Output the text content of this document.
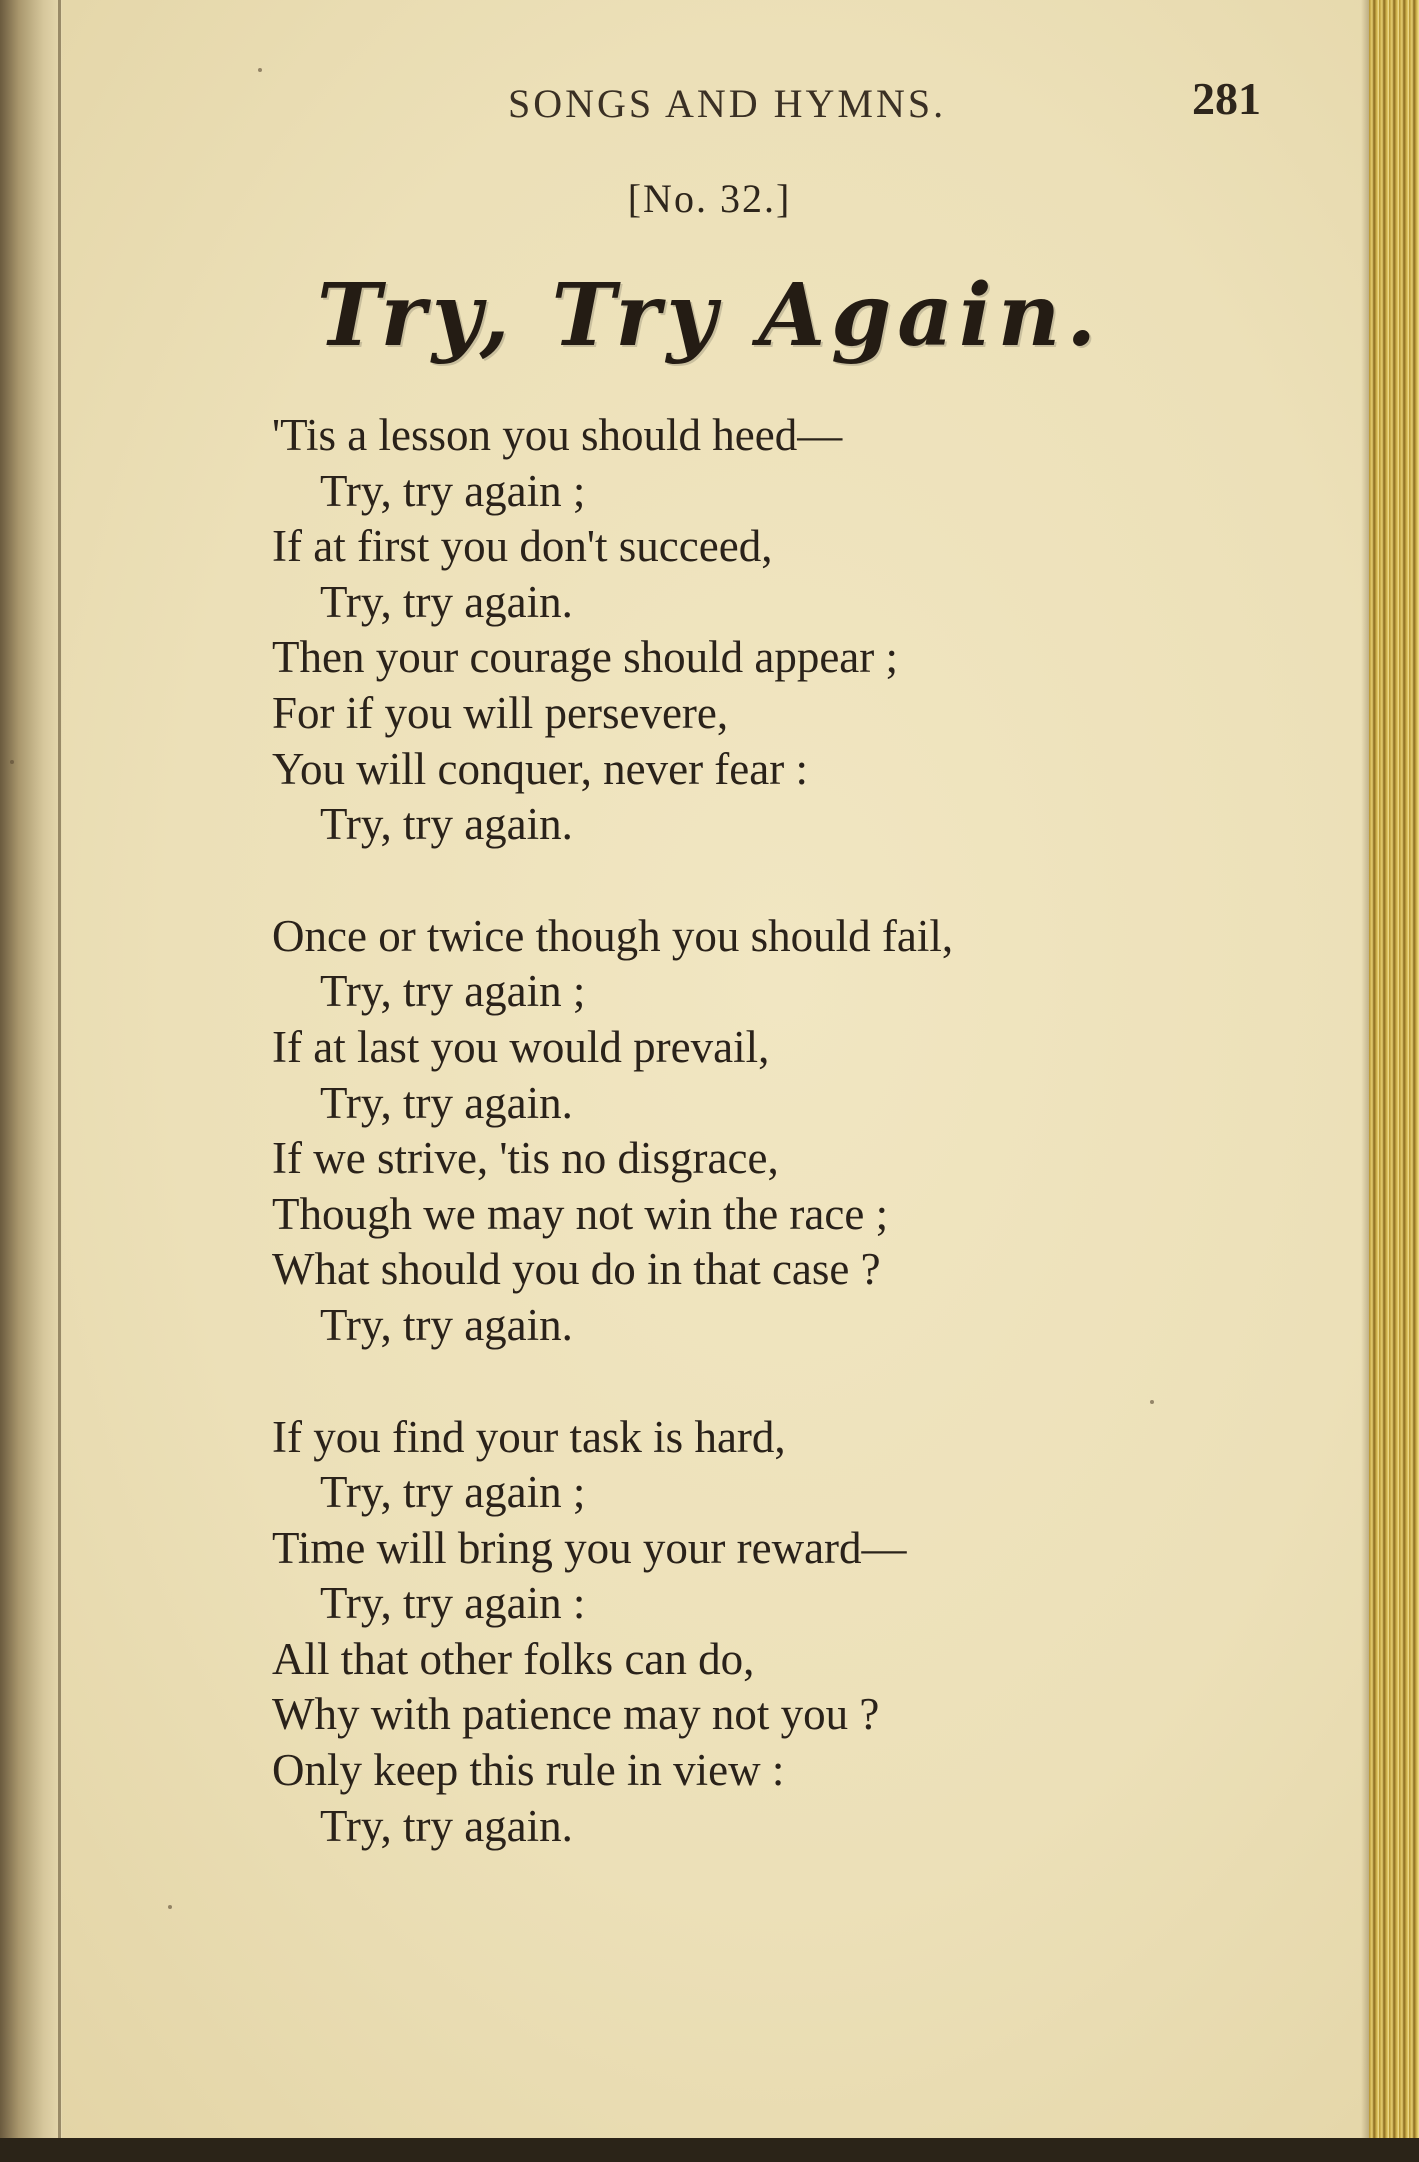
SONGS AND HYMNS.	281
[No. 32.]
Try, Try Again.
'Tis a lesson you should heed—
Try, try again ;
If at first you don't succeed,
Try, try again.
Then your courage should appear ;
For if you will persevere,
You will conquer, never fear :
Try, try again.
Once or twice though you should fail,
Try, try again ;
If at last you would prevail,
Try, try again.
If we strive, 'tis no disgrace,
Though we may not win the race ;
What should you do in that case ?
Try, try again.
If you find your task is hard,
Try, try again ;
Time will bring you your reward—
Try, try again :
All that other folks can do,
Why with patience may not you ?
Only keep this rule in view :
Try, try again.
